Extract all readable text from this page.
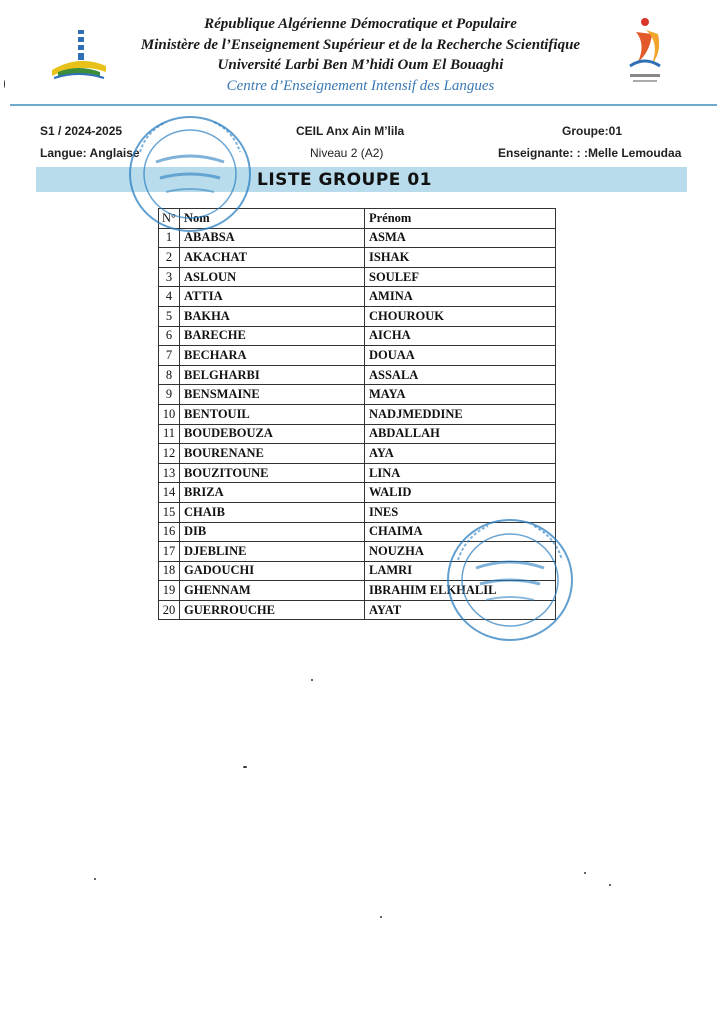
République Algérienne Démocratique et Populaire
Ministère de l’Enseignement Supérieur et de la Recherche Scientifique
Université Larbi Ben M’hidi Oum El Bouaghi
Centre d’Enseignement Intensif des Langues
S1 / 2024-2025	CEIL Anx Ain M’lila	Groupe:01
Langue: Anglaise	Niveau 2 (A2)	Enseignante: : :Melle Lemoudaa
LISTE GROUPE 01
N°	Nom	Prénom
1	ABABSA	ASMA
2	AKACHAT	ISHAK
3	ASLOUN	SOULEF
4	ATTIA	AMINA
5	BAKHA	CHOUROUK
6	BARECHE	AICHA
7	BECHARA	DOUAA
8	BELGHARBI	ASSALA
9	BENSMAINE	MAYA
10	BENTOUIL	NADJMEDDINE
11	BOUDEBOUZA	ABDALLAH
12	BOURENANE	AYA
13	BOUZITOUNE	LINA
14	BRIZA	WALID
15	CHAIB	INES
16	DIB	CHAIMA
17	DJEBLINE	NOUZHA
18	GADOUCHI	LAMRI
19	GHENNAM	IBRAHIM ELKHALIL
20	GUERROUCHE	AYAT
